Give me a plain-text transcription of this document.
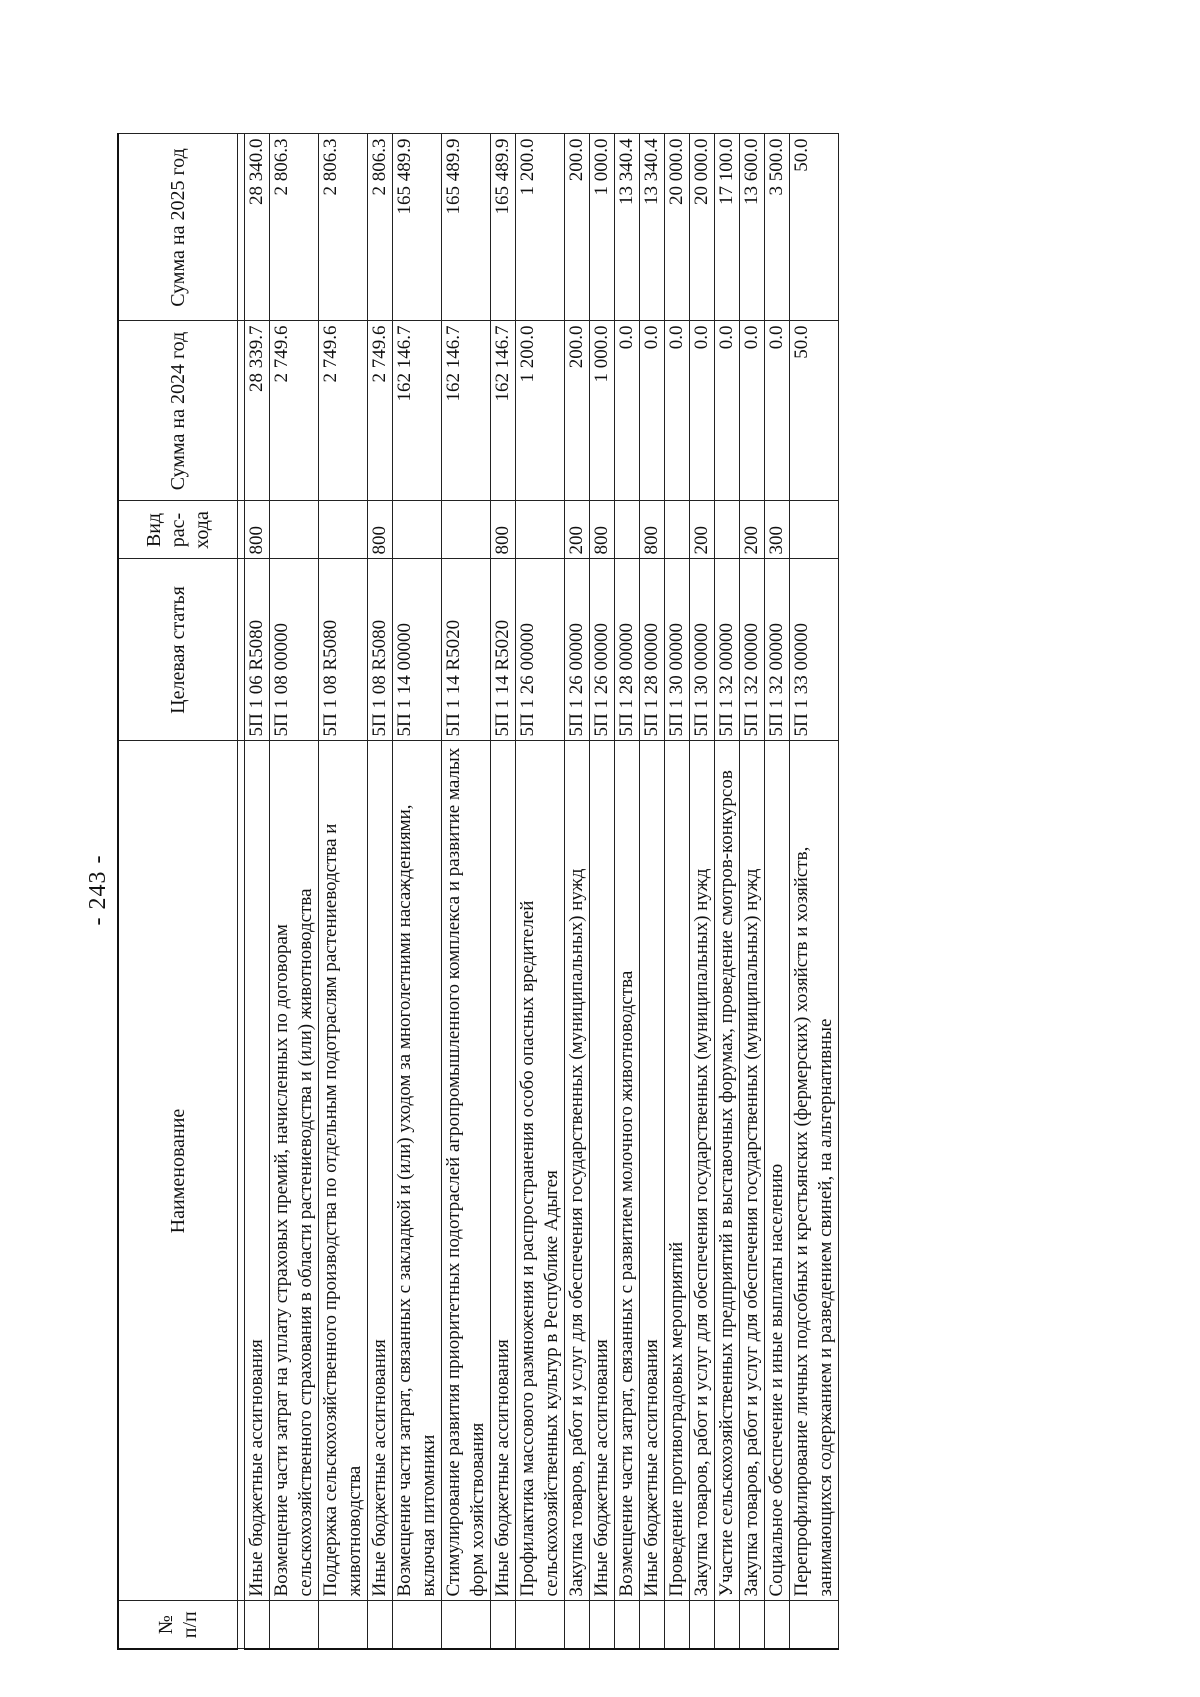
- 243 -
№ п/п	Наименование	Целевая статья	Вид рас- хода	Сумма на 2024 год	Сумма на 2025 год

	Иные бюджетные ассигнования	5П 1 06 R5080	800	28 339.7	28 340.0
	Возмещение части затрат на уплату страховых премий, начисленных по договорам сельскохозяйственного страхования в области растениеводства и (или) животноводства	5П 1 08 00000		2 749.6	2 806.3
	Поддержка сельскохозяйственного производства по отдельным подотраслям растениеводства и животноводства	5П 1 08 R5080		2 749.6	2 806.3
	Иные бюджетные ассигнования	5П 1 08 R5080	800	2 749.6	2 806.3
	Возмещение части затрат, связанных с закладкой и (или) уходом за многолетними насаждениями, включая питомники	5П 1 14 00000		162 146.7	165 489.9
	Стимулирование развития приоритетных подотраслей агропромышленного комплекса и развитие малых форм хозяйствования	5П 1 14 R5020		162 146.7	165 489.9
	Иные бюджетные ассигнования	5П 1 14 R5020	800	162 146.7	165 489.9
	Профилактика массового размножения и распространения особо опасных вредителей сельскохозяйственных культур в Республике Адыгея	5П 1 26 00000		1 200.0	1 200.0
	Закупка товаров, работ и услуг для обеспечения государственных (муниципальных) нужд	5П 1 26 00000	200	200.0	200.0
	Иные бюджетные ассигнования	5П 1 26 00000	800	1 000.0	1 000.0
	Возмещение части затрат, связанных с развитием молочного животноводства	5П 1 28 00000		0.0	13 340.4
	Иные бюджетные ассигнования	5П 1 28 00000	800	0.0	13 340.4
	Проведение противоградовых мероприятий	5П 1 30 00000		0.0	20 000.0
	Закупка товаров, работ и услуг для обеспечения государственных (муниципальных) нужд	5П 1 30 00000	200	0.0	20 000.0
	Участие сельскохозяйственных предприятий в выставочных форумах, проведение смотров-конкурсов	5П 1 32 00000		0.0	17 100.0
	Закупка товаров, работ и услуг для обеспечения государственных (муниципальных) нужд	5П 1 32 00000	200	0.0	13 600.0
	Социальное обеспечение и иные выплаты населению	5П 1 32 00000	300	0.0	3 500.0
	Перепрофилирование личных подсобных и крестьянских (фермерских) хозяйств и хозяйств, занимающихся содержанием и разведением свиней, на альтернативные	5П 1 33 00000		50.0	50.0
